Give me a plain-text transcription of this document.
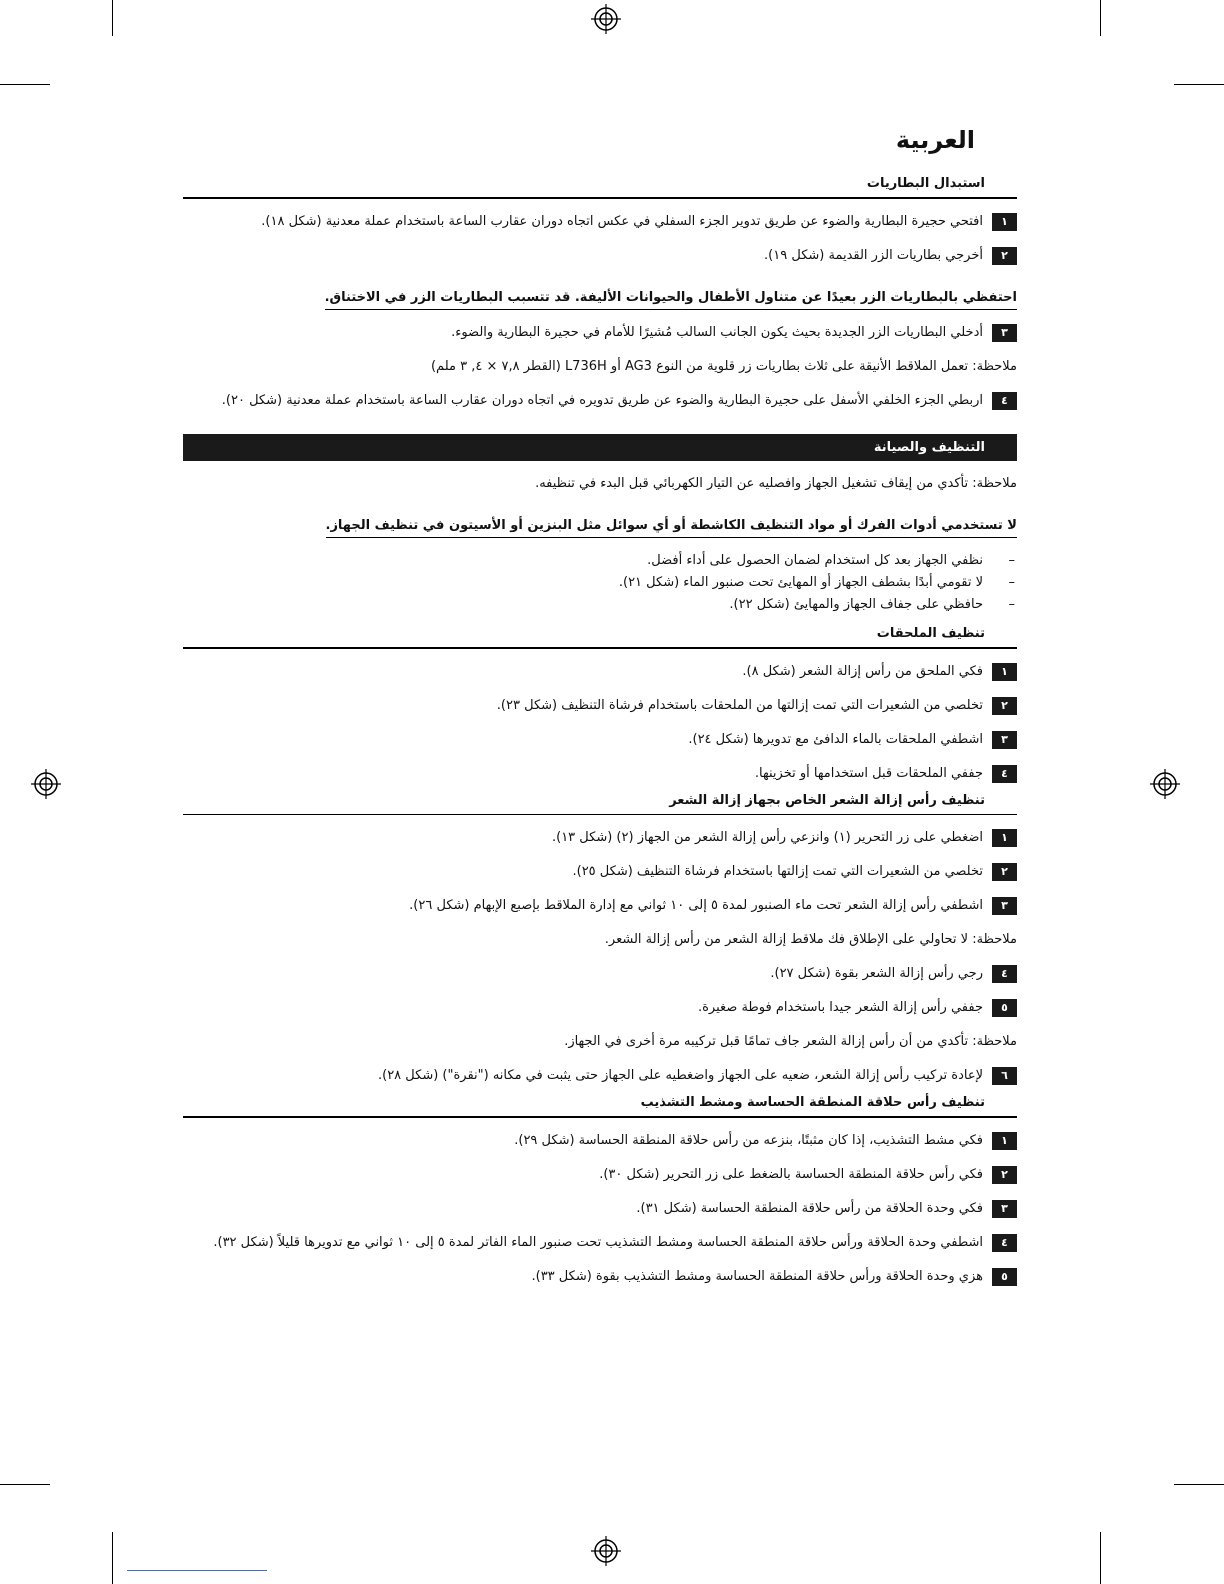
العربية
استبدال البطاريات
١
افتحي حجيرة البطارية والضوء عن طريق تدوير الجزء السفلي في عكس اتجاه دوران عقارب الساعة باستخدام عملة معدنية (شكل ١٨).
٢
أخرجي بطاريات الزر القديمة (شكل ١٩).
احتفظي بالبطاريات الزر بعيدًا عن متناول الأطفال والحيوانات الأليفة. قد تتسبب البطاريات الزر في الاختناق.
٣
أدخلي البطاريات الزر الجديدة بحيث يكون الجانب السالب مُشيرًا للأمام في حجيرة البطارية والضوء.
ملاحظة: تعمل الملاقط الأنيقة على ثلاث بطاريات زر قلوية من النوع AG3 أو L736H (القطر ٧,٨ × ٤, ٣ ملم)
٤
اربطي الجزء الخلفي الأسفل على حجيرة البطارية والضوء عن طريق تدويره في اتجاه دوران عقارب الساعة باستخدام عملة معدنية (شكل ٢٠).
التنظيف والصيانة
ملاحظة: تأكدي من إيقاف تشغيل الجهاز وافصليه عن التيار الكهربائي قبل البدء في تنظيفه.
لا تستخدمي أدوات الفرك أو مواد التنظيف الكاشطة أو أي سوائل مثل البنزين أو الأسيتون في تنظيف الجهاز.
–
نظفي الجهاز بعد كل استخدام لضمان الحصول على أداء أفضل.
–
لا تقومي أبدًا بشطف الجهاز أو المهايئ تحت صنبور الماء (شكل ٢١).
–
حافظي على جفاف الجهاز والمهايئ (شكل ٢٢).
تنظيف الملحقات
١
فكي الملحق من رأس إزالة الشعر (شكل ٨).
٢
تخلصي من الشعيرات التي تمت إزالتها من الملحقات باستخدام فرشاة التنظيف (شكل ٢٣).
٣
اشطفي الملحقات بالماء الدافئ مع تدويرها (شكل ٢٤).
٤
جففي الملحقات قبل استخدامها أو تخزينها.
تنظيف رأس إزالة الشعر الخاص بجهاز إزالة الشعر
١
اضغطي على زر التحرير (١) وانزعي رأس إزالة الشعر من الجهاز (٢) (شكل ١٣).
٢
تخلصي من الشعيرات التي تمت إزالتها باستخدام فرشاة التنظيف (شكل ٢٥).
٣
اشطفي رأس إزالة الشعر تحت ماء الصنبور لمدة ٥ إلى ١٠ ثواني مع إدارة الملاقط بإصبع الإبهام (شكل ٢٦).
ملاحظة: لا تحاولي على الإطلاق فك ملاقط إزالة الشعر من رأس إزالة الشعر.
٤
رجي رأس إزالة الشعر بقوة (شكل ٢٧).
٥
جففي رأس إزالة الشعر جيدا باستخدام فوطة صغيرة.
ملاحظة: تأكدي من أن رأس إزالة الشعر جاف تمامًا قبل تركيبه مرة أخرى في الجهاز.
٦
لإعادة تركيب رأس إزالة الشعر، ضعيه على الجهاز واضغطيه على الجهاز حتى يثبت في مكانه ("نقرة") (شكل ٢٨).
تنظيف رأس حلاقة المنطقة الحساسة ومشط التشذيب
١
فكي مشط التشذيب، إذا كان مثبتًا، بنزعه من رأس حلاقة المنطقة الحساسة (شكل ٢٩).
٢
فكي رأس حلاقة المنطقة الحساسة بالضغط على زر التحرير (شكل ٣٠).
٣
فكي وحدة الحلاقة من رأس حلاقة المنطقة الحساسة (شكل ٣١).
٤
اشطفي وحدة الحلاقة ورأس حلاقة المنطقة الحساسة ومشط التشذيب تحت صنبور الماء الفاتر لمدة ٥ إلى ١٠ ثواني مع تدويرها قليلاً (شكل ٣٢).
٥
هزي وحدة الحلاقة ورأس حلاقة المنطقة الحساسة ومشط التشذيب بقوة (شكل ٣٣).
